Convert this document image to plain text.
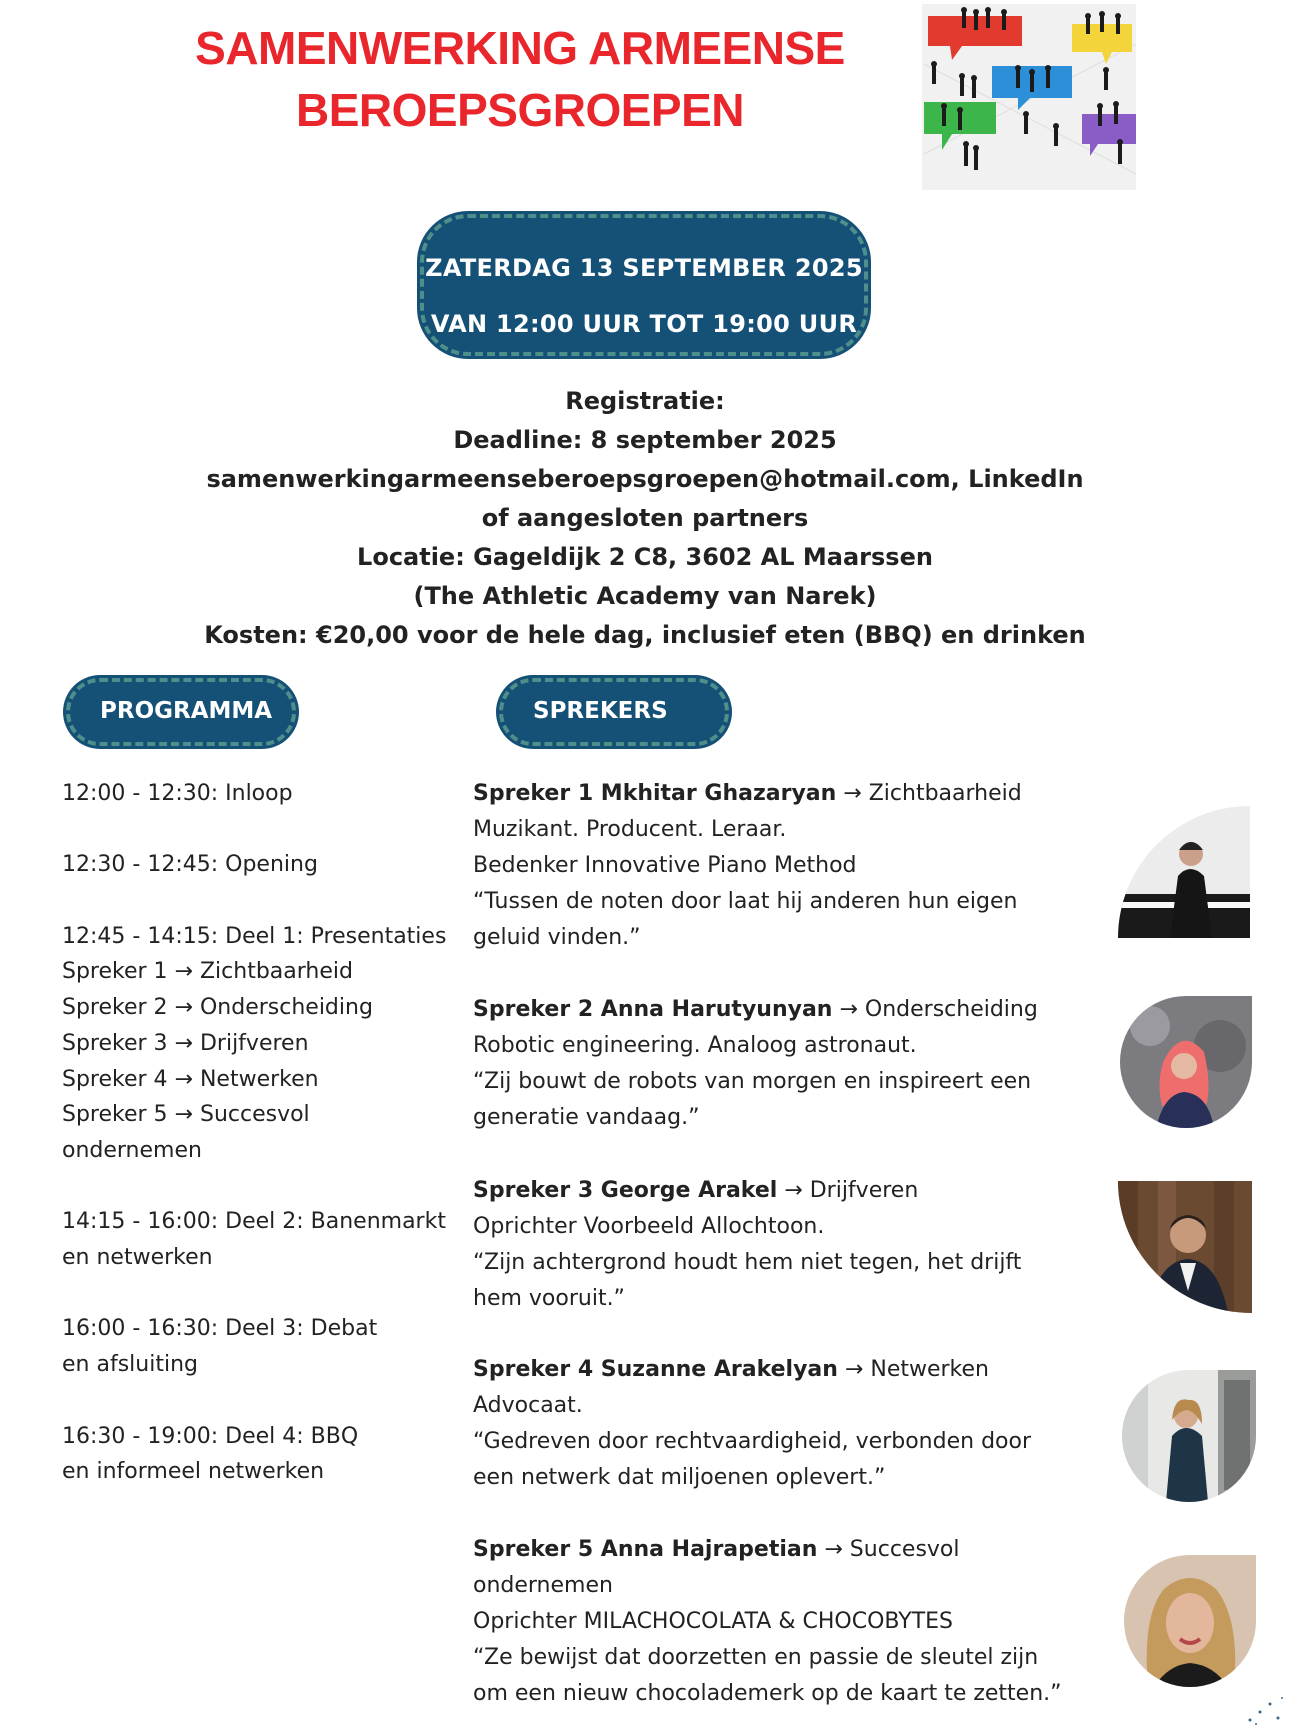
SAMENWERKING ARMEENSE
BEROEPSGROEPEN
ZATERDAG 13 SEPTEMBER 2025
VAN 12:00 UUR TOT 19:00 UUR
Registratie:
Deadline: 8 september 2025
samenwerkingarmeenseberoepsgroepen@hotmail.com, LinkedIn
of aangesloten partners
Locatie: Gageldijk 2 C8, 3602 AL Maarssen
(The Athletic Academy van Narek)
Kosten: €20,00 voor de hele dag, inclusief eten (BBQ) en drinken
PROGRAMMA	SPREKERS
12:00 - 12:30: Inloop
12:30 - 12:45: Opening
12:45 - 14:15: Deel 1: Presentaties
Spreker 1 → Zichtbaarheid
Spreker 2 → Onderscheiding
Spreker 3 → Drijfveren
Spreker 4 → Netwerken
Spreker 5 → Succesvol
ondernemen
14:15 - 16:00: Deel 2: Banenmarkt
en netwerken
16:00 - 16:30: Deel 3: Debat
en afsluiting
16:30 - 19:00: Deel 4: BBQ
en informeel netwerken
Spreker 1 Mkhitar Ghazaryan → Zichtbaarheid
Muzikant. Producent. Leraar.
Bedenker Innovative Piano Method
“Tussen de noten door laat hij anderen hun eigen
geluid vinden.”
Spreker 2 Anna Harutyunyan → Onderscheiding
Robotic engineering. Analoog astronaut.
“Zij bouwt de robots van morgen en inspireert een
generatie vandaag.”
Spreker 3 George Arakel → Drijfveren
Oprichter Voorbeeld Allochtoon.
“Zijn achtergrond houdt hem niet tegen, het drijft
hem vooruit.”
Spreker 4 Suzanne Arakelyan → Netwerken
Advocaat.
“Gedreven door rechtvaardigheid, verbonden door
een netwerk dat miljoenen oplevert.”
Spreker 5 Anna Hajrapetian → Succesvol
ondernemen
Oprichter MILACHOCOLATA & CHOCOBYTES
“Ze bewijst dat doorzetten en passie de sleutel zijn
om een nieuw chocolademerk op de kaart te zetten.”
